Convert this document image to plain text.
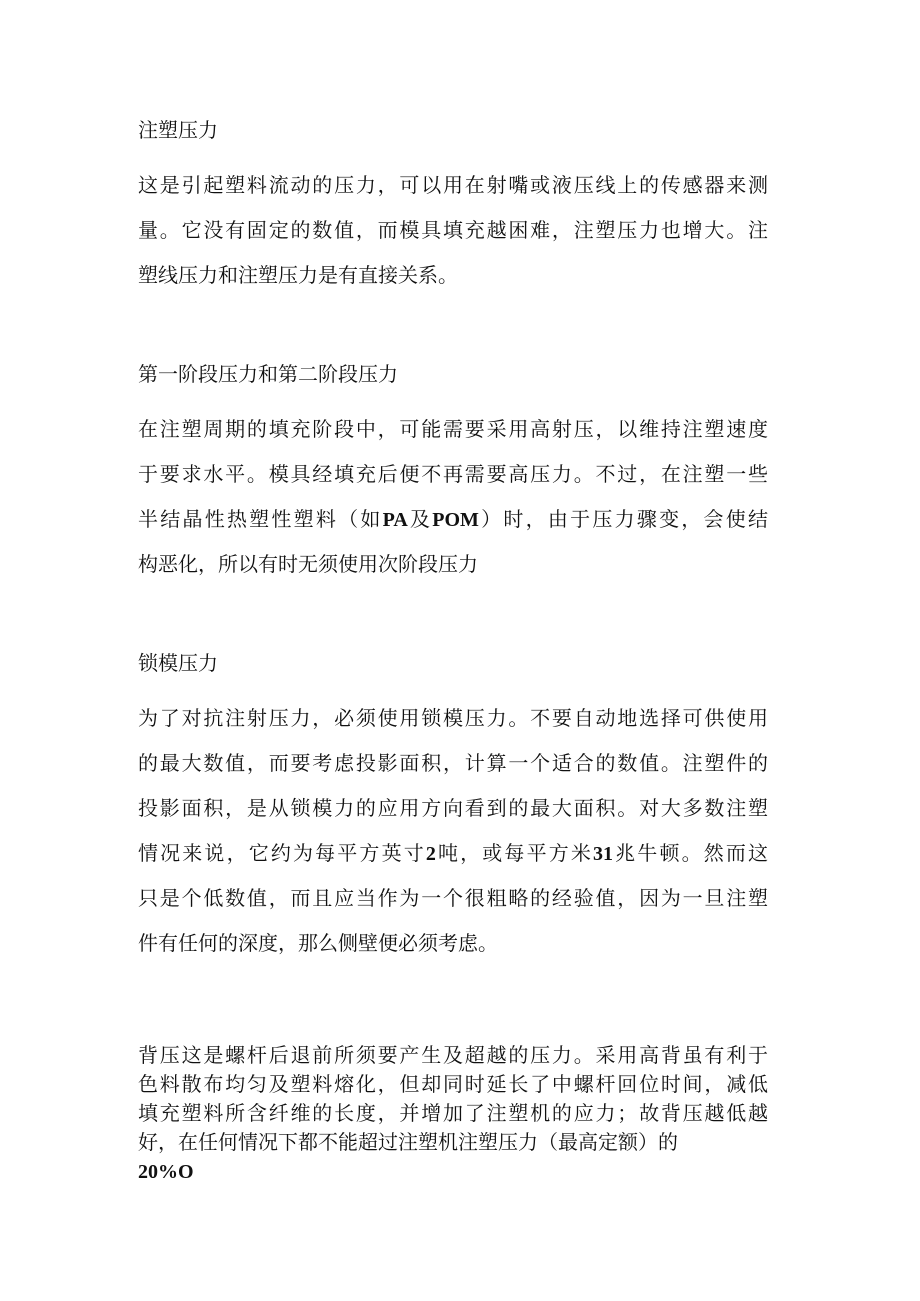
注塑压力

这是引起塑料流动的压力，可以用在射嘴或液压线上的传感器来测
量。它没有固定的数值，而模具填充越困难，注塑压力也增大。注
塑线压力和注塑压力是有直接关系。

第一阶段压力和第二阶段压力

在注塑周期的填充阶段中，可能需要采用高射压，以维持注塑速度
于要求水平。模具经填充后便不再需要高压力。不过，在注塑一些
半结晶性热塑性塑料（如PA及POM）时，由于压力骤变，会使结
构恶化，所以有时无须使用次阶段压力

锁模压力

为了对抗注射压力，必须使用锁模压力。不要自动地选择可供使用
的最大数值，而要考虑投影面积，计算一个适合的数值。注塑件的
投影面积，是从锁模力的应用方向看到的最大面积。对大多数注塑
情况来说，它约为每平方英寸2吨，或每平方米31兆牛顿。然而这
只是个低数值，而且应当作为一个很粗略的经验值，因为一旦注塑
件有任何的深度，那么侧壁便必须考虑。
背压这是螺杆后退前所须要产生及超越的压力。采用高背虽有利于
色料散布均匀及塑料熔化，但却同时延长了中螺杆回位时间，减低
填充塑料所含纤维的长度，并增加了注塑机的应力；故背压越低越
好，在任何情况下都不能超过注塑机注塑压力（最高定额）的
20%O
